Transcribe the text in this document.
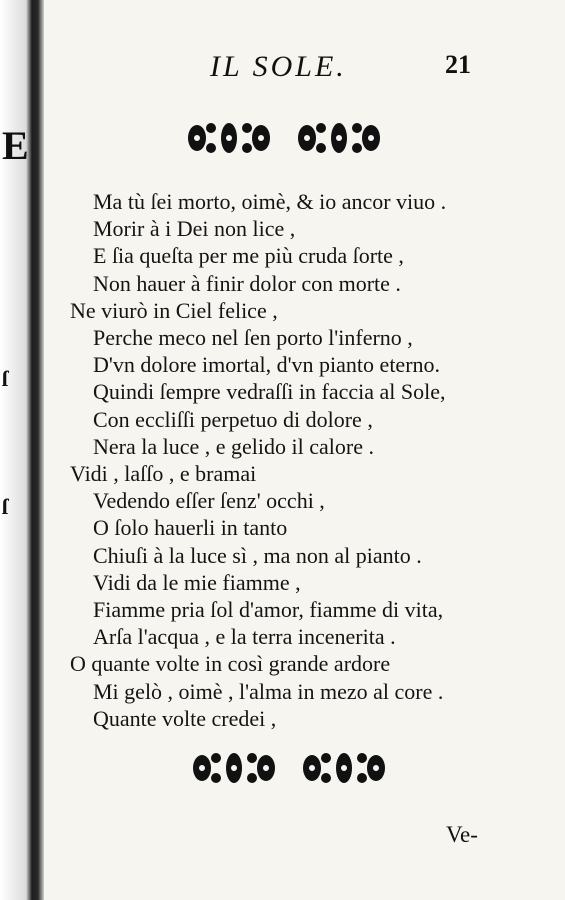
E
ſ
ſ
IL SOLE.	21
Ma tù ſei morto, oimè, & io ancor viuo .
Morir à i Dei non lice ,
E ſia queſta per me più cruda ſorte ,
Non hauer à finir dolor con morte .
Ne viurò in Ciel felice ,
Perche meco nel ſen porto l'inferno ,
D'vn dolore imortal, d'vn pianto eterno.
Quindi ſempre vedraſſi in faccia al Sole,
Con eccliſſi perpetuo di dolore ,
Nera la luce , e gelido il calore .
Vidi , laſſo , e bramai
Vedendo eſſer ſenz' occhi ,
O ſolo hauerli in tanto
Chiuſi à la luce sì , ma non al pianto .
Vidi da le mie fiamme ,
Fiamme pria ſol d'amor, fiamme di vita,
Arſa l'acqua , e la terra incenerita .
O quante volte in così grande ardore
Mi gelò , oimè , l'alma in mezo al core .
Quante volte credei ,
Ve-
